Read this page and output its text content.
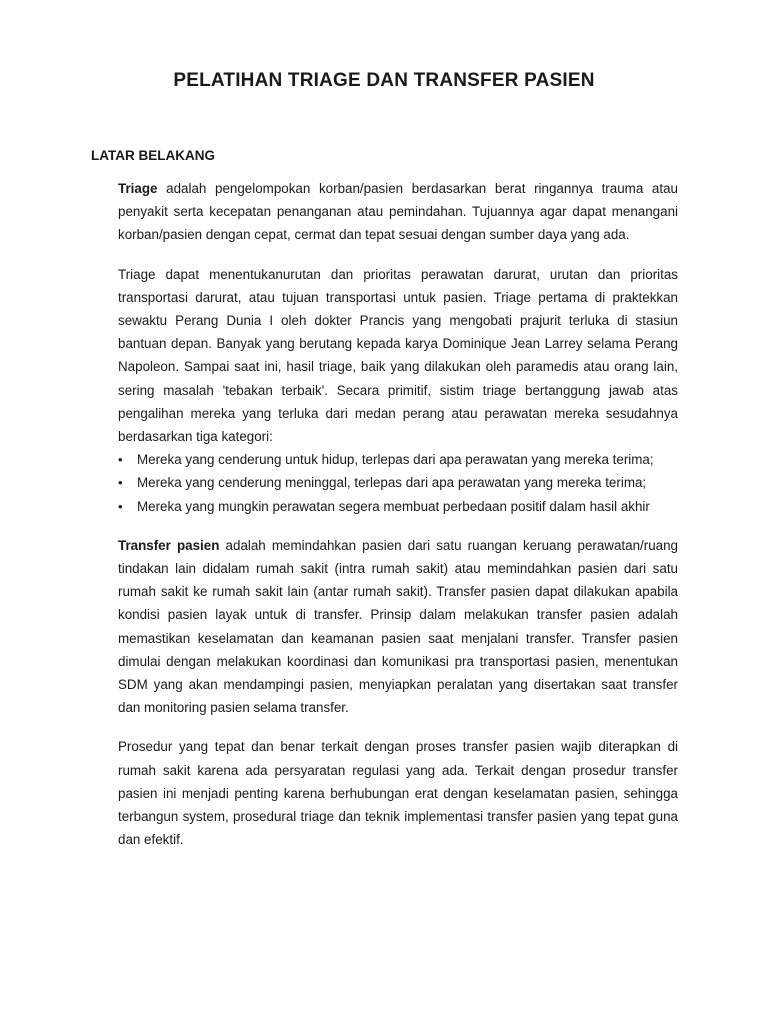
PELATIHAN TRIAGE DAN TRANSFER PASIEN
LATAR BELAKANG

Triage adalah pengelompokan korban/pasien berdasarkan berat ringannya trauma atau penyakit serta kecepatan penanganan atau pemindahan. Tujuannya agar dapat menangani korban/pasien dengan cepat, cermat dan tepat sesuai dengan sumber daya yang ada.

Triage dapat menentukanurutan dan prioritas perawatan darurat, urutan dan prioritas transportasi darurat, atau tujuan transportasi untuk pasien. Triage pertama di praktekkan sewaktu Perang Dunia I oleh dokter Prancis yang mengobati prajurit terluka di stasiun bantuan depan. Banyak yang berutang kepada karya Dominique Jean Larrey selama Perang Napoleon. Sampai saat ini, hasil triage, baik yang dilakukan oleh paramedis atau orang lain, sering masalah 'tebakan terbaik'. Secara primitif, sistim triage bertanggung jawab atas pengalihan mereka yang terluka dari medan perang atau perawatan mereka sesudahnya berdasarkan tiga kategori:

• Mereka yang cenderung untuk hidup, terlepas dari apa perawatan yang mereka terima;
• Mereka yang cenderung meninggal, terlepas dari apa perawatan yang mereka terima;
• Mereka yang mungkin perawatan segera membuat perbedaan positif dalam hasil akhir

Transfer pasien adalah memindahkan pasien dari satu ruangan keruang perawatan/ruang tindakan lain didalam rumah sakit (intra rumah sakit) atau memindahkan pasien dari satu rumah sakit ke rumah sakit lain (antar rumah sakit). Transfer pasien dapat dilakukan apabila kondisi pasien layak untuk di transfer. Prinsip dalam melakukan transfer pasien adalah memastikan keselamatan dan keamanan pasien saat menjalani transfer. Transfer pasien dimulai dengan melakukan koordinasi dan komunikasi pra transportasi pasien, menentukan SDM yang akan mendampingi pasien, menyiapkan peralatan yang disertakan saat transfer dan monitoring pasien selama transfer.

Prosedur yang tepat dan benar terkait dengan proses transfer pasien wajib diterapkan di rumah sakit karena ada persyaratan regulasi yang ada. Terkait dengan prosedur transfer pasien ini menjadi penting karena berhubungan erat dengan keselamatan pasien, sehingga terbangun system, prosedural triage dan teknik implementasi transfer pasien yang tepat guna dan efektif.
